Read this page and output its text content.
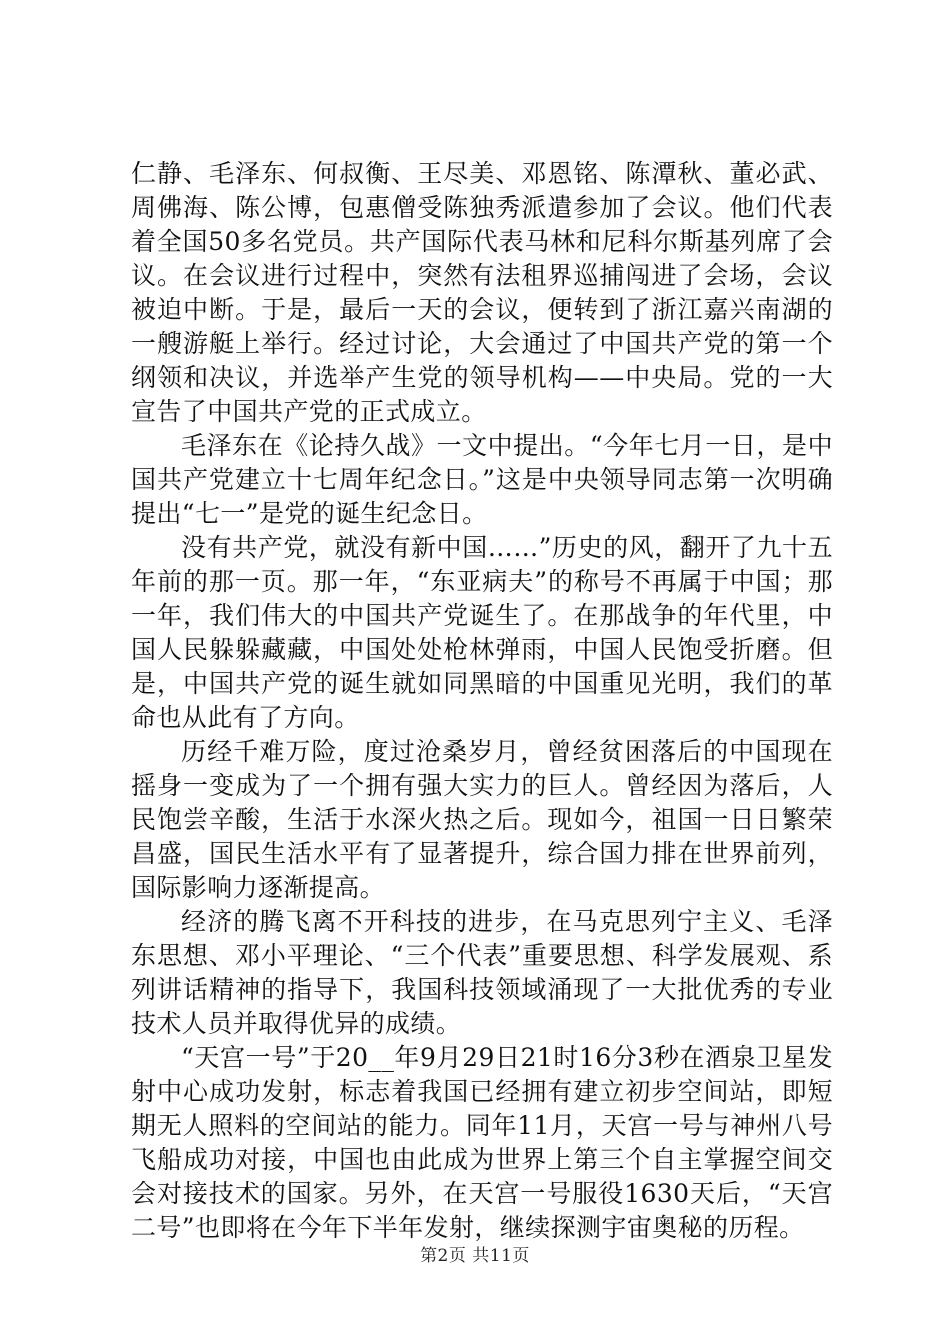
仁静、毛泽东、何叔衡、王尽美、邓恩铭、陈潭秋、董必武、周佛海、陈公博，包惠僧受陈独秀派遣参加了会议。他们代表着全国50多名党员。共产国际代表马林和尼科尔斯基列席了会议。在会议进行过程中，突然有法租界巡捕闯进了会场，会议被迫中断。于是，最后一天的会议，便转到了浙江嘉兴南湖的一艘游艇上举行。经过讨论，大会通过了中国共产党的第一个纲领和决议，并选举产生党的领导机构——中央局。党的一大宣告了中国共产党的正式成立。

毛泽东在《论持久战》一文中提出。“今年七月一日，是中国共产党建立十七周年纪念日。”这是中央领导同志第一次明确提出“七一”是党的诞生纪念日。

没有共产党，就没有新中国……”历史的风，翻开了九十五年前的那一页。那一年，“东亚病夫”的称号不再属于中国；那一年，我们伟大的中国共产党诞生了。在那战争的年代里，中国人民躲躲藏藏，中国处处枪林弹雨，中国人民饱受折磨。但是，中国共产党的诞生就如同黑暗的中国重见光明，我们的革命也从此有了方向。

历经千难万险，度过沧桑岁月，曾经贫困落后的中国现在摇身一变成为了一个拥有强大实力的巨人。曾经因为落后，人民饱尝辛酸，生活于水深火热之后。现如今，祖国一日日繁荣昌盛，国民生活水平有了显著提升，综合国力排在世界前列，国际影响力逐渐提高。

经济的腾飞离不开科技的进步，在马克思列宁主义、毛泽东思想、邓小平理论、“三个代表”重要思想、科学发展观、系列讲话精神的指导下，我国科技领域涌现了一大批优秀的专业技术人员并取得优异的成绩。

“天宫一号”于20__年9月29日21时16分3秒在酒泉卫星发射中心成功发射，标志着我国已经拥有建立初步空间站，即短期无人照料的空间站的能力。同年11月，天宫一号与神州八号飞船成功对接，中国也由此成为世界上第三个自主掌握空间交会对接技术的国家。另外，在天宫一号服役1630天后，“天宫二号”也即将在今年下半年发射，继续探测宇宙奥秘的历程。

第2页 共11页
